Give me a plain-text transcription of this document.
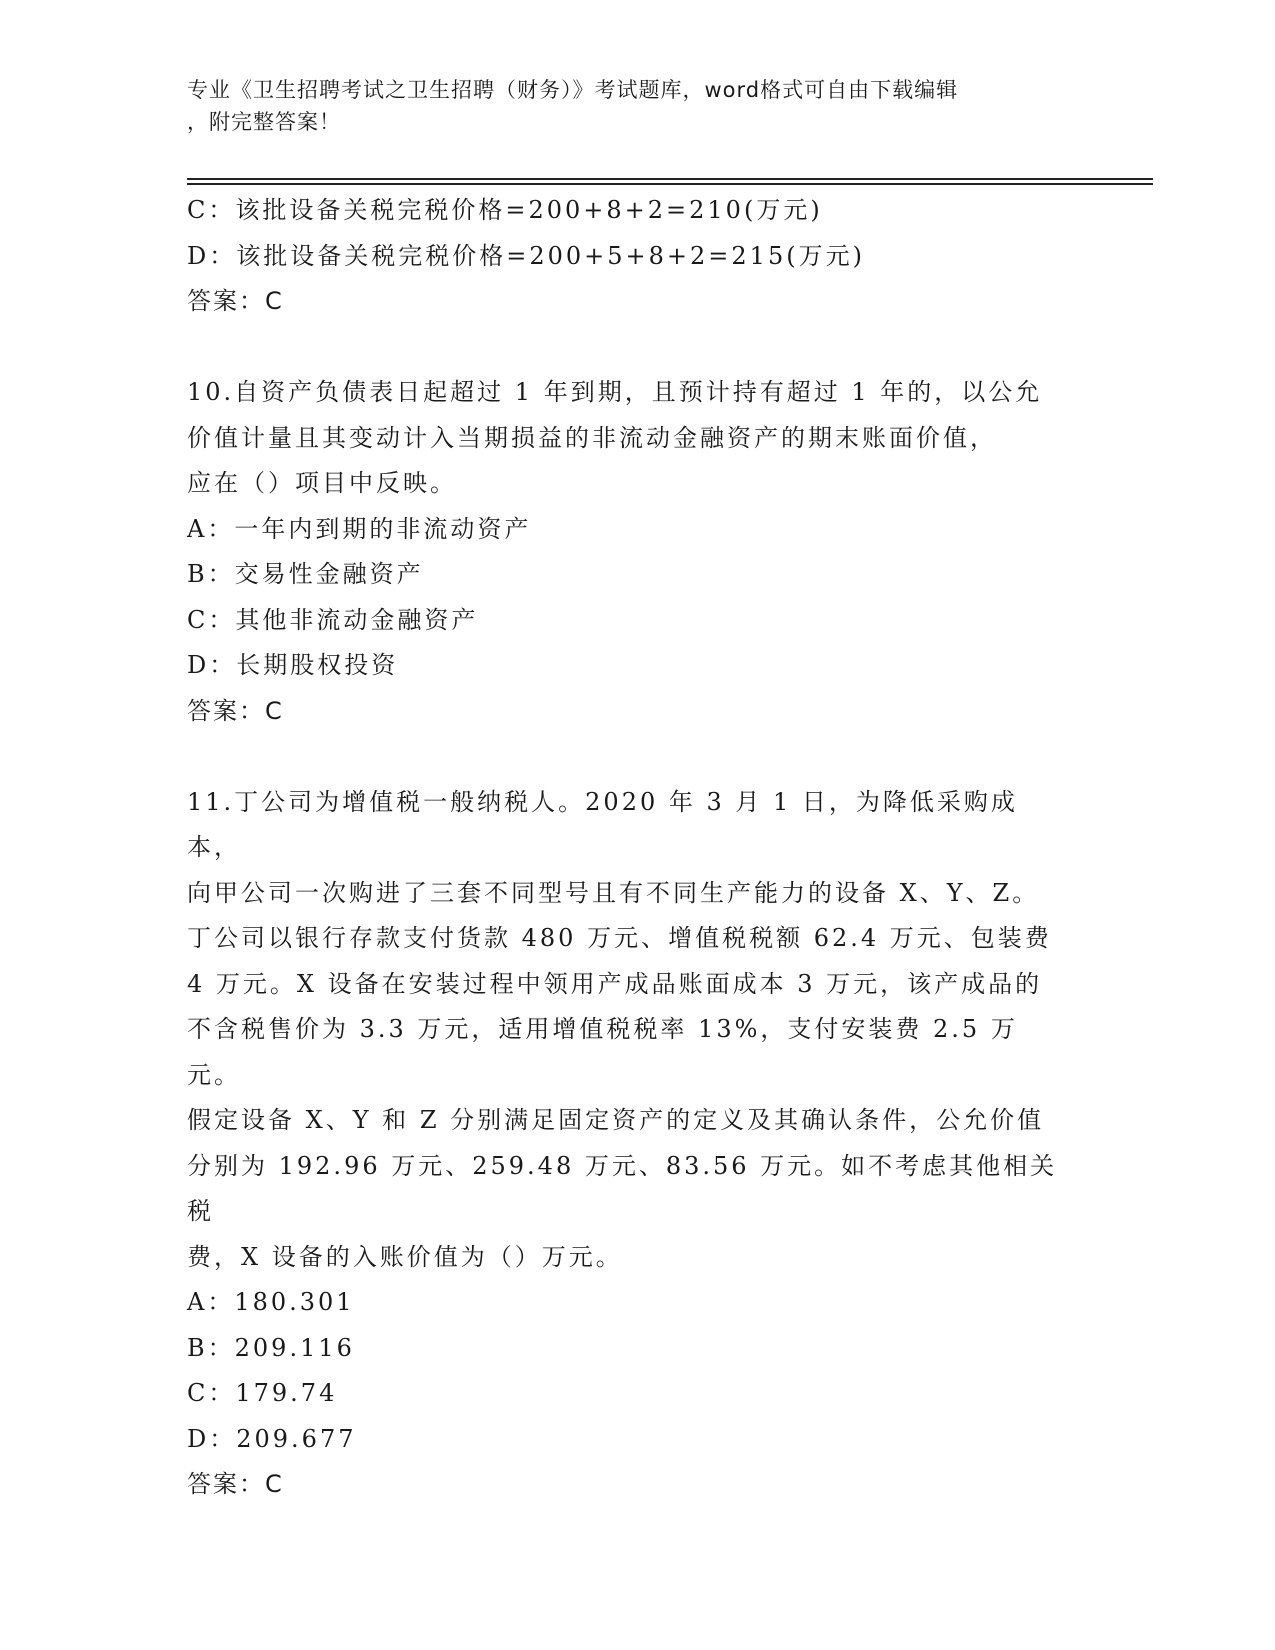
专业《卫生招聘考试之卫生招聘（财务）》考试题库，word格式可自由下载编辑
，附完整答案！
C：该批设备关税完税价格=200+8+2=210(万元)
D：该批设备关税完税价格=200+5+8+2=215(万元)
答案：C
10.自资产负债表日起超过 1 年到期，且预计持有超过 1 年的，以公允
价值计量且其变动计入当期损益的非流动金融资产的期末账面价值，
应在（）项目中反映。
A：一年内到期的非流动资产
B：交易性金融资产
C：其他非流动金融资产
D：长期股权投资
答案：C
11.丁公司为增值税一般纳税人。2020 年 3 月 1 日，为降低采购成本，
向甲公司一次购进了三套不同型号且有不同生产能力的设备 X、Y、Z。
丁公司以银行存款支付货款 480 万元、增值税税额 62.4 万元、包装费
4 万元。X 设备在安装过程中领用产成品账面成本 3 万元，该产成品的
不含税售价为 3.3 万元，适用增值税税率 13%，支付安装费 2.5 万元。
假定设备 X、Y 和 Z 分别满足固定资产的定义及其确认条件，公允价值
分别为 192.96 万元、259.48 万元、83.56 万元。如不考虑其他相关税
费，X 设备的入账价值为（）万元。
A：180.301
B：209.116
C：179.74
D：209.677
答案：C
